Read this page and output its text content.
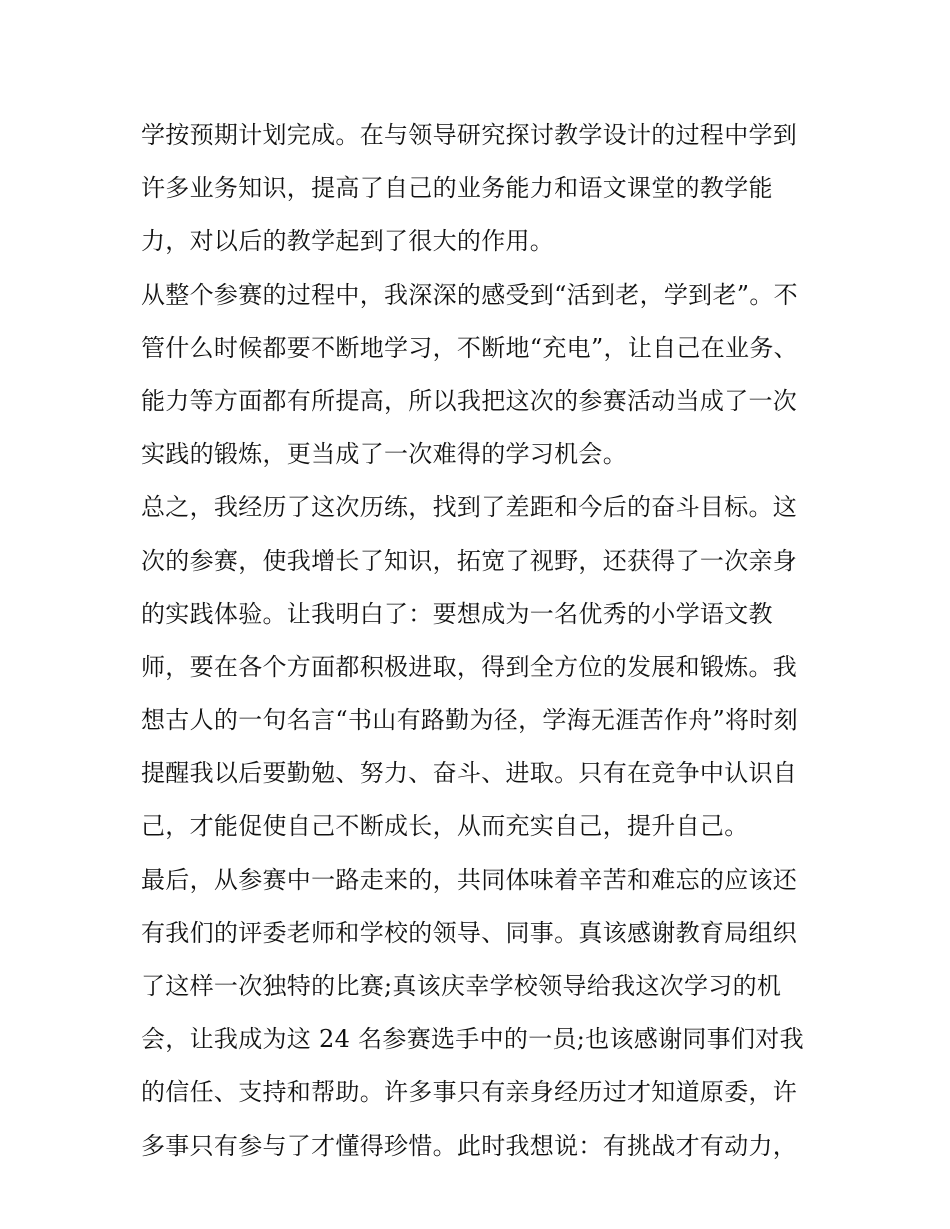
学按预期计划完成。在与领导研究探讨教学设计的过程中学到
许多业务知识，提高了自己的业务能力和语文课堂的教学能
力，对以后的教学起到了很大的作用。
从整个参赛的过程中，我深深的感受到“活到老，学到老”。不
管什么时候都要不断地学习，不断地“充电”，让自己在业务、
能力等方面都有所提高，所以我把这次的参赛活动当成了一次
实践的锻炼，更当成了一次难得的学习机会。
总之，我经历了这次历练，找到了差距和今后的奋斗目标。这
次的参赛，使我增长了知识，拓宽了视野，还获得了一次亲身
的实践体验。让我明白了：要想成为一名优秀的小学语文教
师，要在各个方面都积极进取，得到全方位的发展和锻炼。我
想古人的一句名言“书山有路勤为径，学海无涯苦作舟”将时刻
提醒我以后要勤勉、努力、奋斗、进取。只有在竞争中认识自
己，才能促使自己不断成长，从而充实自己，提升自己。
最后，从参赛中一路走来的，共同体味着辛苦和难忘的应该还
有我们的评委老师和学校的领导、同事。真该感谢教育局组织
了这样一次独特的比赛;真该庆幸学校领导给我这次学习的机
会，让我成为这 24 名参赛选手中的一员;也该感谢同事们对我
的信任、支持和帮助。许多事只有亲身经历过才知道原委，许
多事只有参与了才懂得珍惜。此时我想说：有挑战才有动力，
